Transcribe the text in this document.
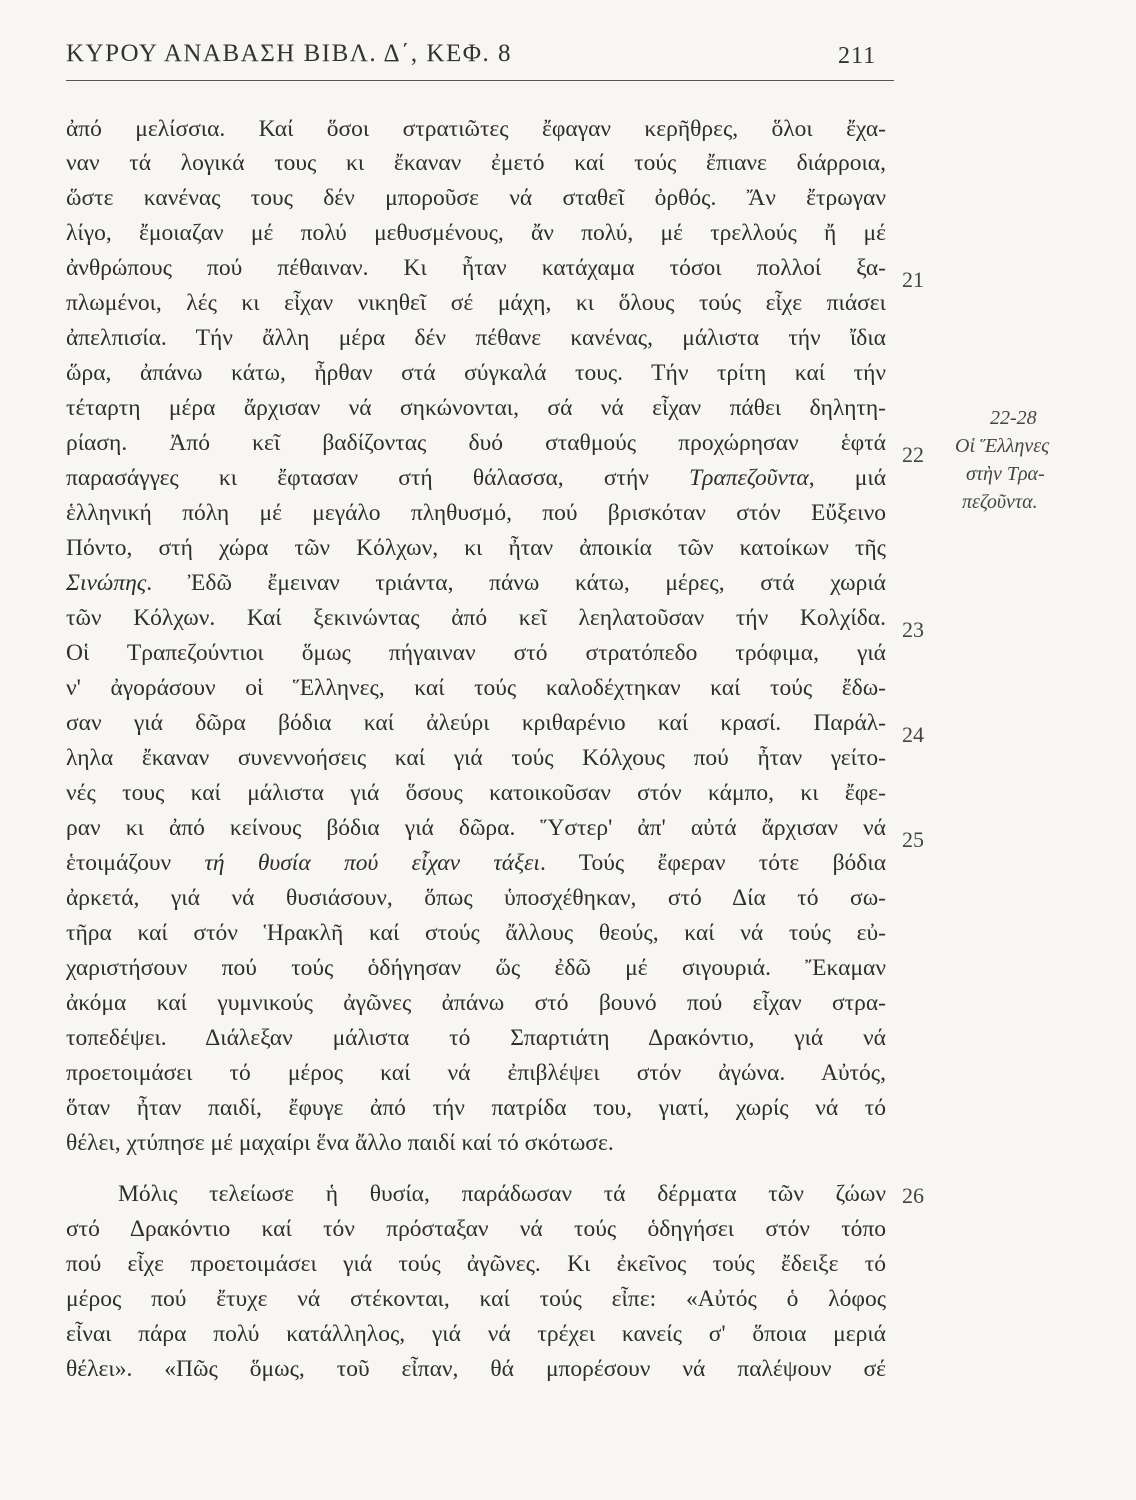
ΚΥΡΟΥ ΑΝΑΒΑΣΗ ΒΙΒΛ. Δ΄, ΚΕΦ. 8	211
ἀπό μελίσσια. Καί ὅσοι στρατιῶτες ἔφαγαν κερῆθρες, ὅλοι ἔχα-
ναν τά λογικά τους κι ἔκαναν ἐμετό καί τούς ἔπιανε διάρροια,
ὥστε κανένας τους δέν μποροῦσε νά σταθεῖ ὀρθός. Ἄν ἔτρωγαν
λίγο, ἔμοιαζαν μέ πολύ μεθυσμένους, ἄν πολύ, μέ τρελλούς ἤ μέ
ἀνθρώπους πού πέθαιναν. Κι ἦταν κατάχαμα τόσοι πολλοί ξα-
πλωμένοι, λές κι εἶχαν νικηθεῖ σέ μάχη, κι ὅλους τούς εἶχε πιάσει
ἀπελπισία. Τήν ἄλλη μέρα δέν πέθανε κανένας, μάλιστα τήν ἴδια
ὥρα, ἀπάνω κάτω, ἦρθαν στά σύγκαλά τους. Τήν τρίτη καί τήν
τέταρτη μέρα ἄρχισαν νά σηκώνονται, σά νά εἶχαν πάθει δηλητη-
ρίαση. Ἀπό κεῖ βαδίζοντας δυό σταθμούς προχώρησαν ἑφτά
παρασάγγες κι ἔφτασαν στή θάλασσα, στήν Τραπεζοῦντα, μιά
ἑλληνική πόλη μέ μεγάλο πληθυσμό, πού βρισκόταν στόν Εὔξεινο
Πόντο, στή χώρα τῶν Κόλχων, κι ἦταν ἀποικία τῶν κατοίκων τῆς
Σινώπης. Ἐδῶ ἔμειναν τριάντα, πάνω κάτω, μέρες, στά χωριά
τῶν Κόλχων. Καί ξεκινώντας ἀπό κεῖ λεηλατοῦσαν τήν Κολχίδα.
Οἱ Τραπεζούντιοι ὅμως πήγαιναν στό στρατόπεδο τρόφιμα, γιά
ν' ἀγοράσουν οἱ Ἕλληνες, καί τούς καλοδέχτηκαν καί τούς ἔδω-
σαν γιά δῶρα βόδια καί ἀλεύρι κριθαρένιο καί κρασί. Παράλ-
ληλα ἔκαναν συνεννοήσεις καί γιά τούς Κόλχους πού ἦταν γείτο-
νές τους καί μάλιστα γιά ὅσους κατοικοῦσαν στόν κάμπο, κι ἔφε-
ραν κι ἀπό κείνους βόδια γιά δῶρα. Ὕστερ' ἀπ' αὐτά ἄρχισαν νά
ἑτοιμάζουν τή θυσία πού εἶχαν τάξει. Τούς ἔφεραν τότε βόδια
ἀρκετά, γιά νά θυσιάσουν, ὅπως ὑποσχέθηκαν, στό Δία τό σω-
τῆρα καί στόν Ἡρακλῆ καί στούς ἄλλους θεούς, καί νά τούς εὐ-
χαριστήσουν πού τούς ὁδήγησαν ὥς ἐδῶ μέ σιγουριά. Ἔκαμαν
ἀκόμα καί γυμνικούς ἀγῶνες ἀπάνω στό βουνό πού εἶχαν στρα-
τοπεδέψει. Διάλεξαν μάλιστα τό Σπαρτιάτη Δρακόντιο, γιά νά
προετοιμάσει τό μέρος καί νά ἐπιβλέψει στόν ἀγώνα. Αὐτός,
ὅταν ἦταν παιδί, ἔφυγε ἀπό τήν πατρίδα του, γιατί, χωρίς νά τό
θέλει, χτύπησε μέ μαχαίρι ἕνα ἄλλο παιδί καί τό σκότωσε.
Μόλις τελείωσε ἡ θυσία, παράδωσαν τά δέρματα τῶν ζώων
στό Δρακόντιο καί τόν πρόσταξαν νά τούς ὁδηγήσει στόν τόπο
πού εἶχε προετοιμάσει γιά τούς ἀγῶνες. Κι ἐκεῖνος τούς ἔδειξε τό
μέρος πού ἔτυχε νά στέκονται, καί τούς εἶπε: «Αὐτός ὁ λόφος
εἶναι πάρα πολύ κατάλληλος, γιά νά τρέχει κανείς σ' ὅποια μεριά
θέλει». «Πῶς ὅμως, τοῦ εἶπαν, θά μπορέσουν νά παλέψουν σέ
21
22
23
24
25
26
22-28
Οἱ Ἕλληνες
στὴν Τρα-
πεζοῦντα.
